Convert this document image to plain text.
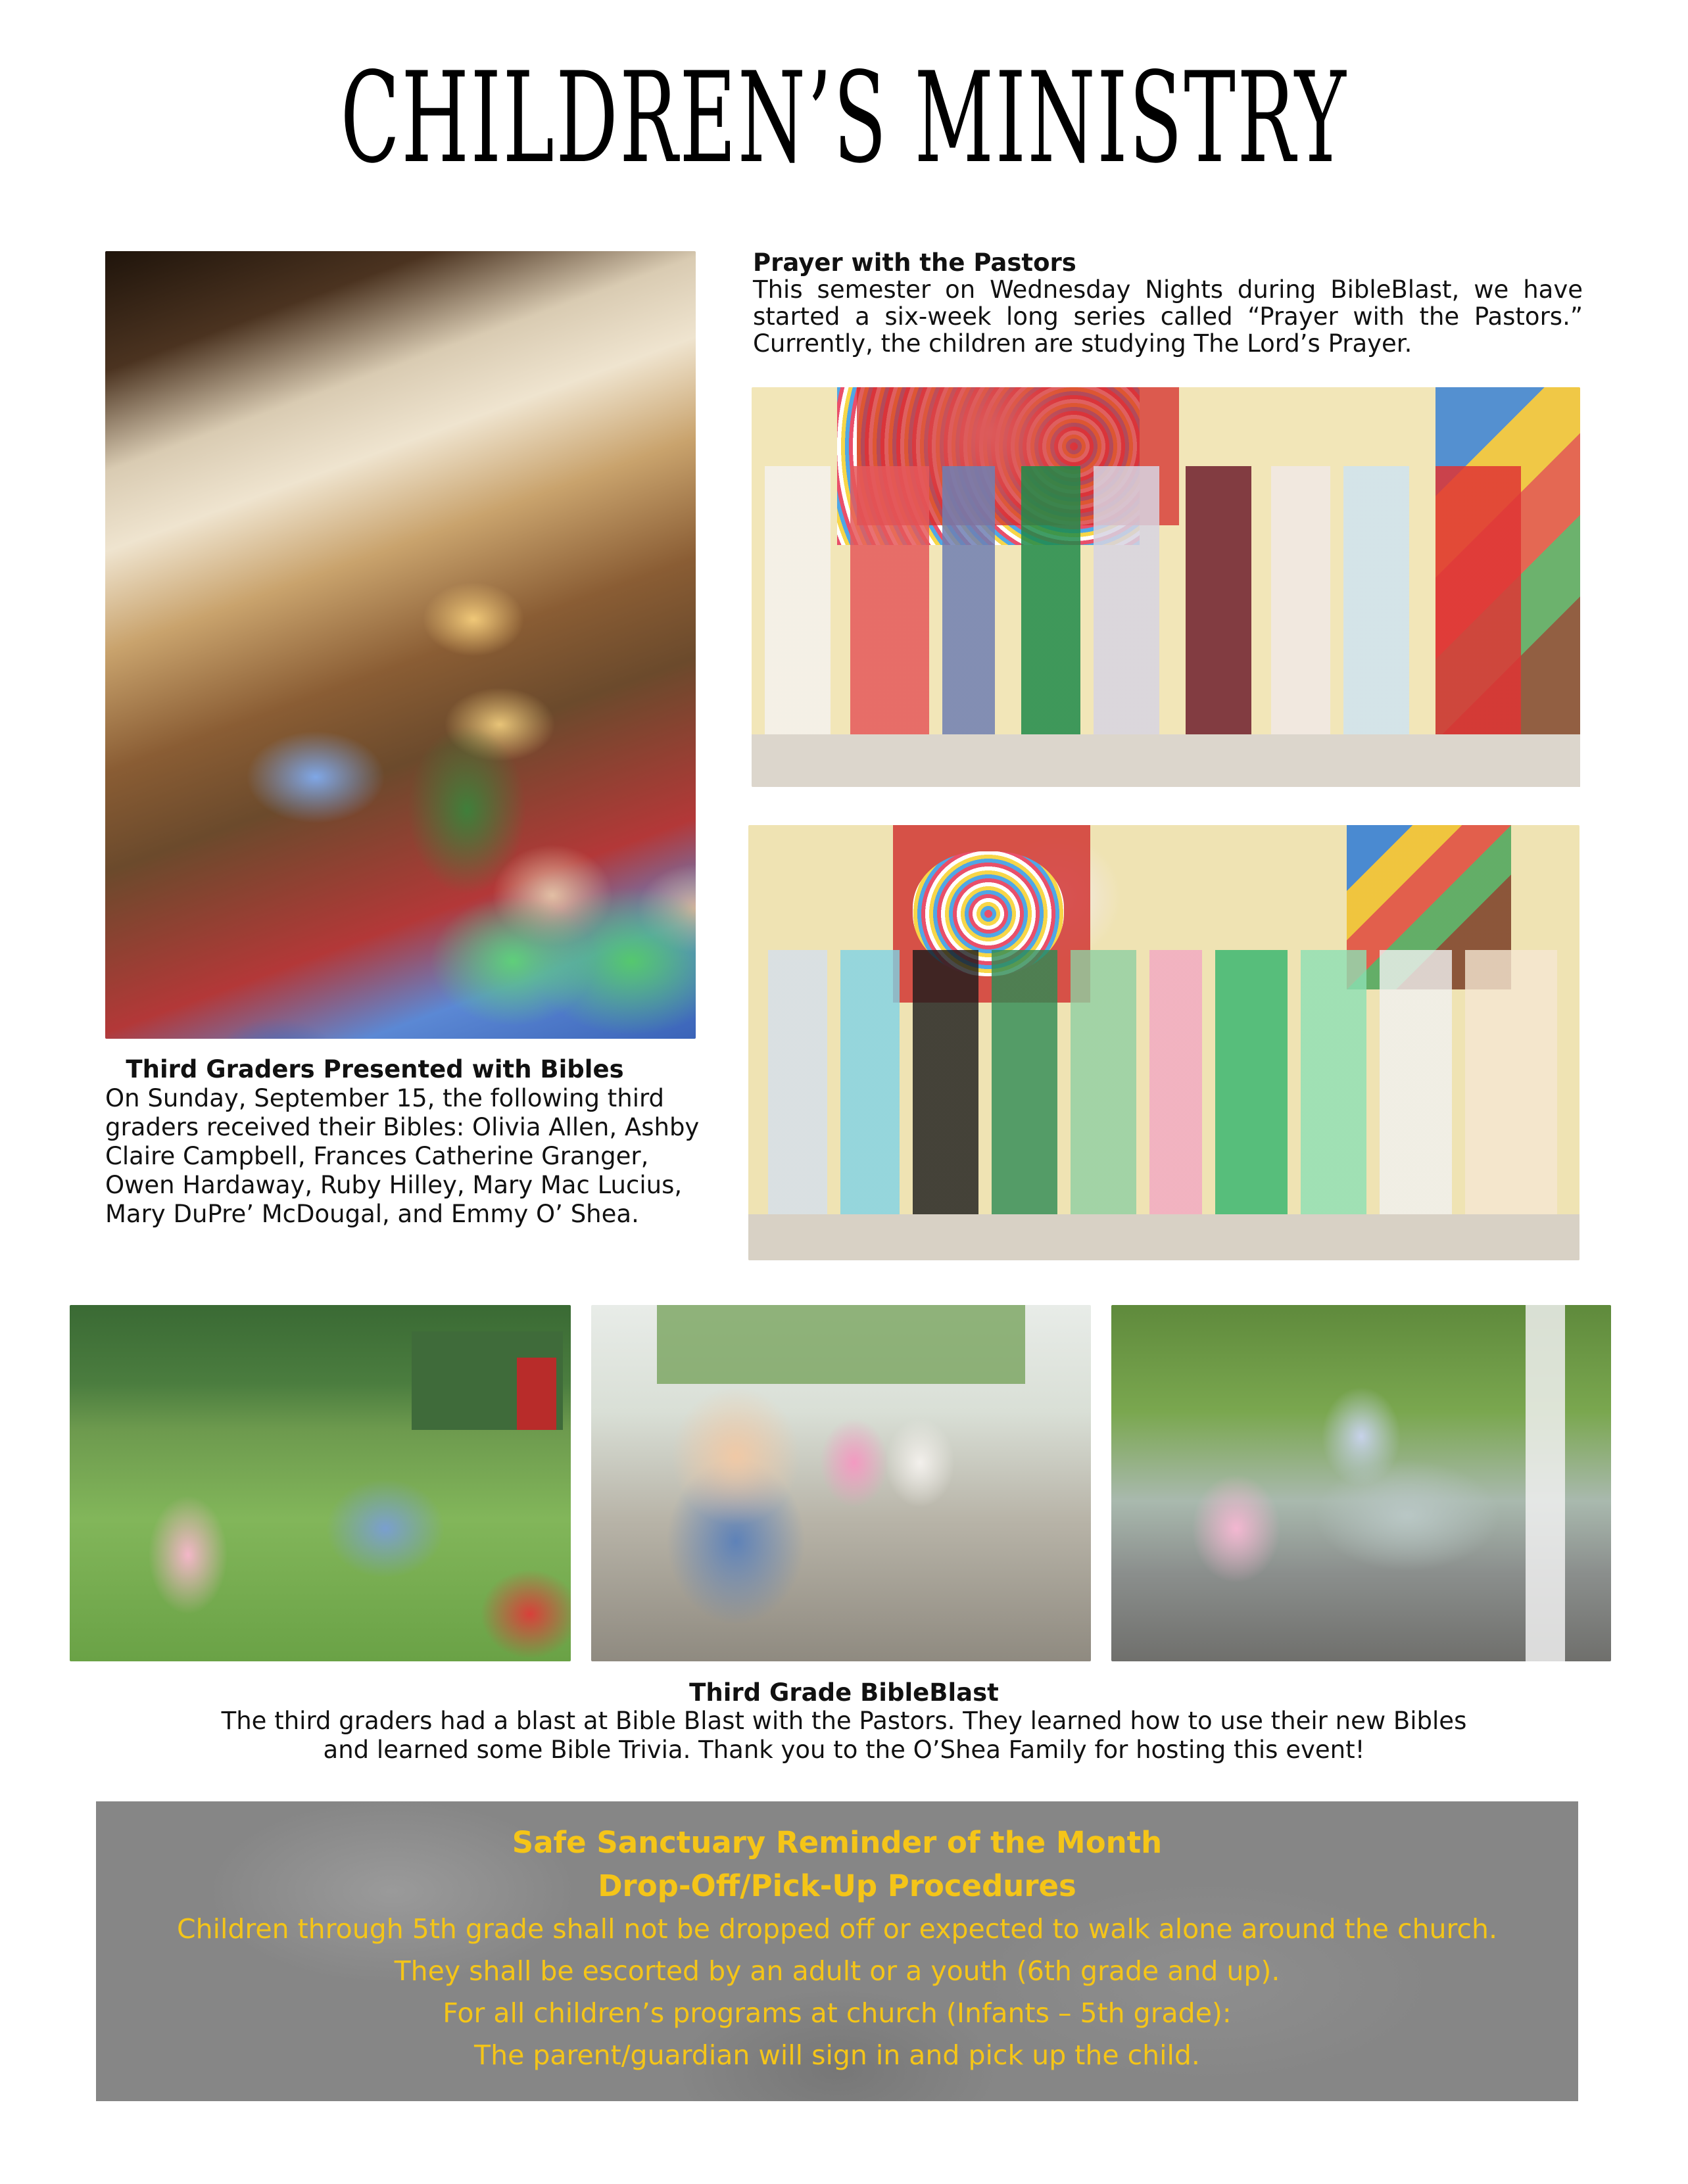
CHILDREN’S MINISTRY
Prayer with the Pastors
This semester on Wednesday Nights during BibleBlast, we have started a six-week long series called “Prayer with the Pastors.” Currently, the children are studying The Lord’s Prayer.
Third Graders Presented with Bibles
On Sunday, September 15, the following third graders received their Bibles: Olivia Allen, Ashby Claire Campbell, Frances Catherine Granger, Owen Hardaway, Ruby Hilley, Mary Mac Lucius, Mary DuPre’ McDougal, and Emmy O’ Shea.
Third Grade BibleBlast
The third graders had a blast at Bible Blast with the Pastors. They learned how to use their new Bibles
and learned some Bible Trivia. Thank you to the O’Shea Family for hosting this event!
Safe Sanctuary Reminder of the Month
Drop-Off/Pick-Up Procedures
Children through 5th grade shall not be dropped off or expected to walk alone around the church.
They shall be escorted by an adult or a youth (6th grade and up).
For all children’s programs at church (Infants – 5th grade):
The parent/guardian will sign in and pick up the child.
